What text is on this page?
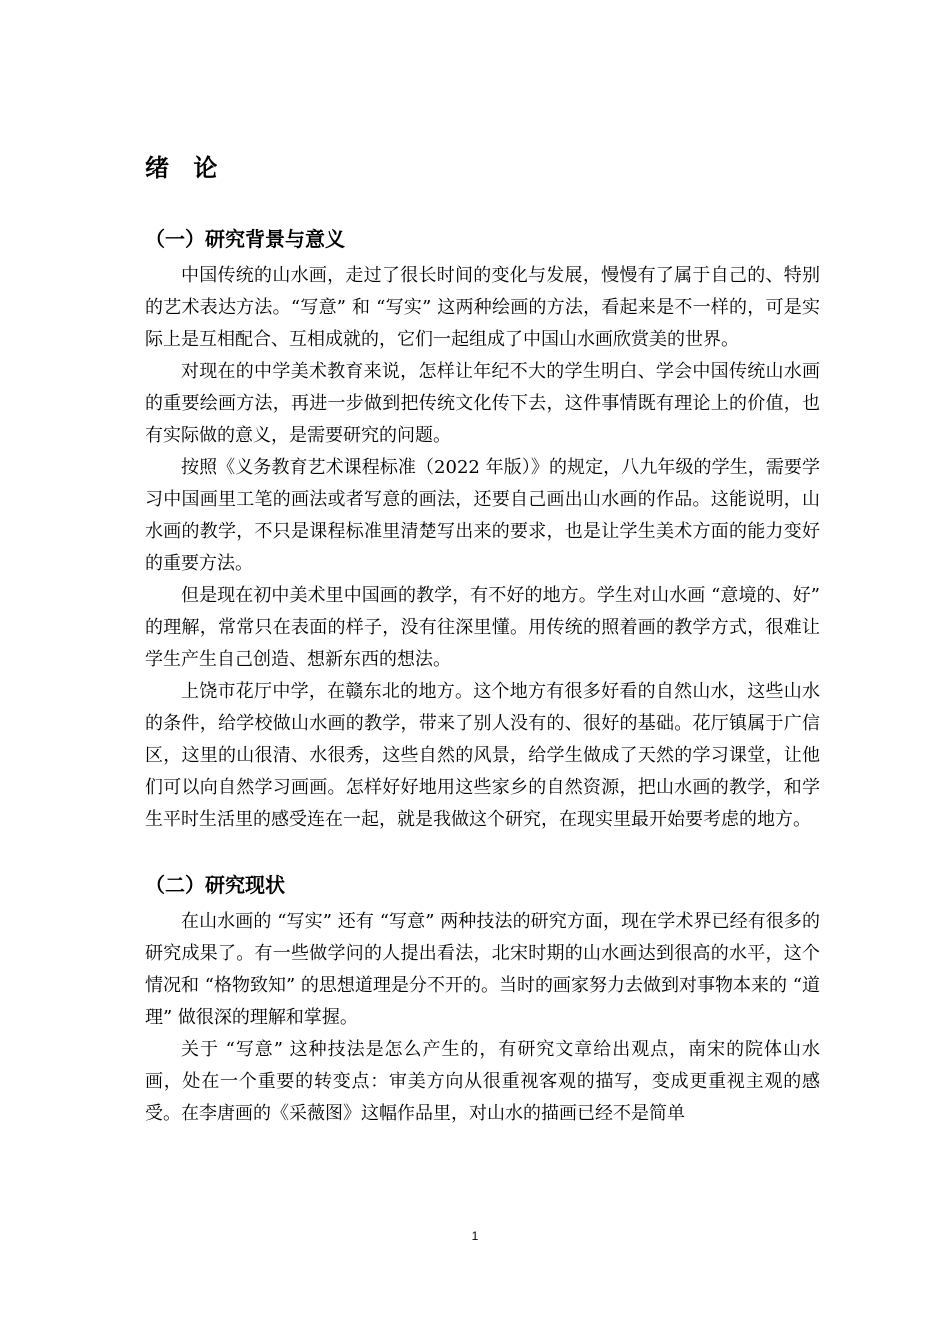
绪 论
（一）研究背景与意义

中国传统的山水画，走过了很长时间的变化与发展，慢慢有了属于自己的、特别的艺术表达方法。“写意” 和 “写实” 这两种绘画的方法，看起来是不一样的，可是实际上是互相配合、互相成就的，它们一起组成了中国山水画欣赏美的世界。

对现在的中学美术教育来说，怎样让年纪不大的学生明白、学会中国传统山水画的重要绘画方法，再进一步做到把传统文化传下去，这件事情既有理论上的价值，也有实际做的意义，是需要研究的问题。

按照《义务教育艺术课程标准（2022 年版）》的规定，八九年级的学生，需要学习中国画里工笔的画法或者写意的画法，还要自己画出山水画的作品。这能说明，山水画的教学，不只是课程标准里清楚写出来的要求，也是让学生美术方面的能力变好的重要方法。

但是现在初中美术里中国画的教学，有不好的地方。学生对山水画 “意境的、好” 的理解，常常只在表面的样子，没有往深里懂。用传统的照着画的教学方式，很难让学生产生自己创造、想新东西的想法。

上饶市花厅中学，在赣东北的地方。这个地方有很多好看的自然山水，这些山水的条件，给学校做山水画的教学，带来了别人没有的、很好的基础。花厅镇属于广信区，这里的山很清、水很秀，这些自然的风景，给学生做成了天然的学习课堂，让他们可以向自然学习画画。怎样好好地用这些家乡的自然资源，把山水画的教学，和学生平时生活里的感受连在一起，就是我做这个研究，在现实里最开始要考虑的地方。

（二）研究现状

在山水画的 “写实” 还有 “写意” 两种技法的研究方面，现在学术界已经有很多的研究成果了。有一些做学问的人提出看法，北宋时期的山水画达到很高的水平，这个情况和 “格物致知” 的思想道理是分不开的。当时的画家努力去做到对事物本来的 “道理” 做很深的理解和掌握。

关于 “写意” 这种技法是怎么产生的，有研究文章给出观点，南宋的院体山水画，处在一个重要的转变点：审美方向从很重视客观的描写，变成更重视主观的感受。在李唐画的《采薇图》这幅作品里，对山水的描画已经不是简单

1
